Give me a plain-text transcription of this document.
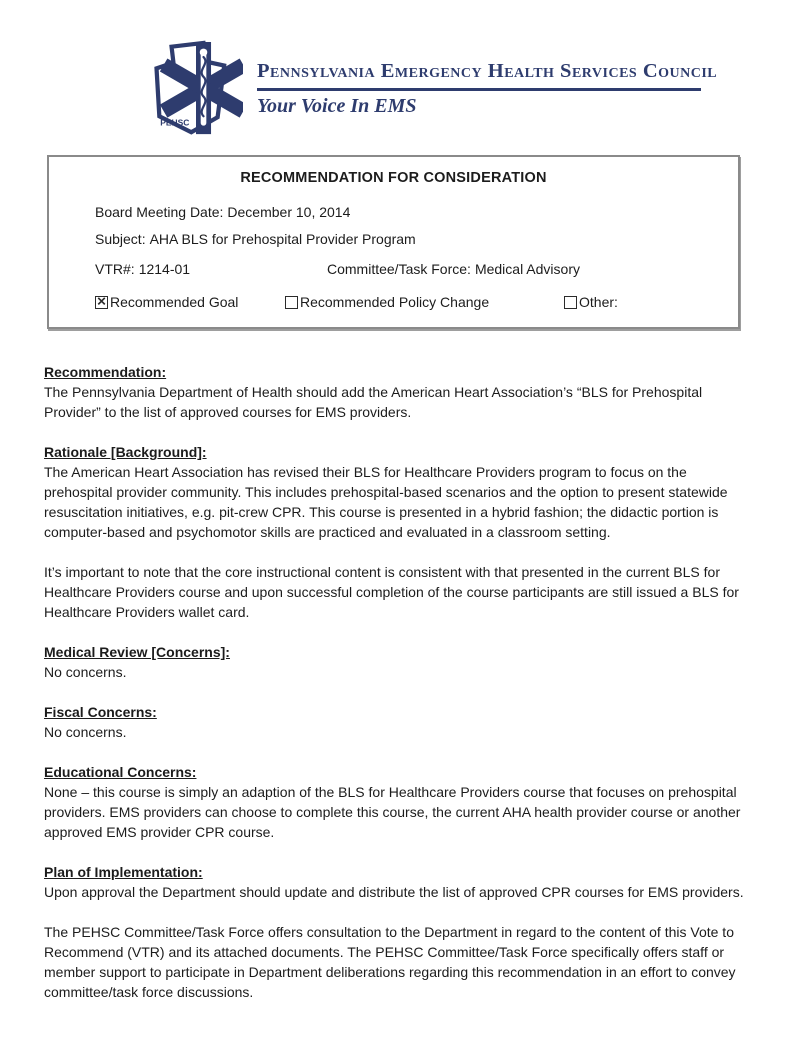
PEHSC
Pennsylvania Emergency Health Services Council
Your Voice In EMS
RECOMMENDATION FOR CONSIDERATION
Board Meeting Date: December 10, 2014
Subject: AHA BLS for Prehospital Provider Program
VTR#: 1214-01	Committee/Task Force: Medical Advisory
✕ Recommended Goal	Recommended Policy Change	Other:
Recommendation:

The Pennsylvania Department of Health should add the American Heart Association’s “BLS for Prehospital Provider” to the list of approved courses for EMS providers.

Rationale [Background]:

The American Heart Association has revised their BLS for Healthcare Providers program to focus on the prehospital provider community. This includes prehospital-based scenarios and the option to present statewide resuscitation initiatives, e.g. pit-crew CPR. This course is presented in a hybrid fashion; the didactic portion is computer-based and psychomotor skills are practiced and evaluated in a classroom setting.

It’s important to note that the core instructional content is consistent with that presented in the current BLS for Healthcare Providers course and upon successful completion of the course participants are still issued a BLS for Healthcare Providers wallet card.

Medical Review [Concerns]:

No concerns.

Fiscal Concerns:

No concerns.

Educational Concerns:

None – this course is simply an adaption of the BLS for Healthcare Providers course that focuses on prehospital providers. EMS providers can choose to complete this course, the current AHA health provider course or another approved EMS provider CPR course.

Plan of Implementation:

Upon approval the Department should update and distribute the list of approved CPR courses for EMS providers.

The PEHSC Committee/Task Force offers consultation to the Department in regard to the content of this Vote to Recommend (VTR) and its attached documents. The PEHSC Committee/Task Force specifically offers staff or member support to participate in Department deliberations regarding this recommendation in an effort to convey committee/task force discussions.
